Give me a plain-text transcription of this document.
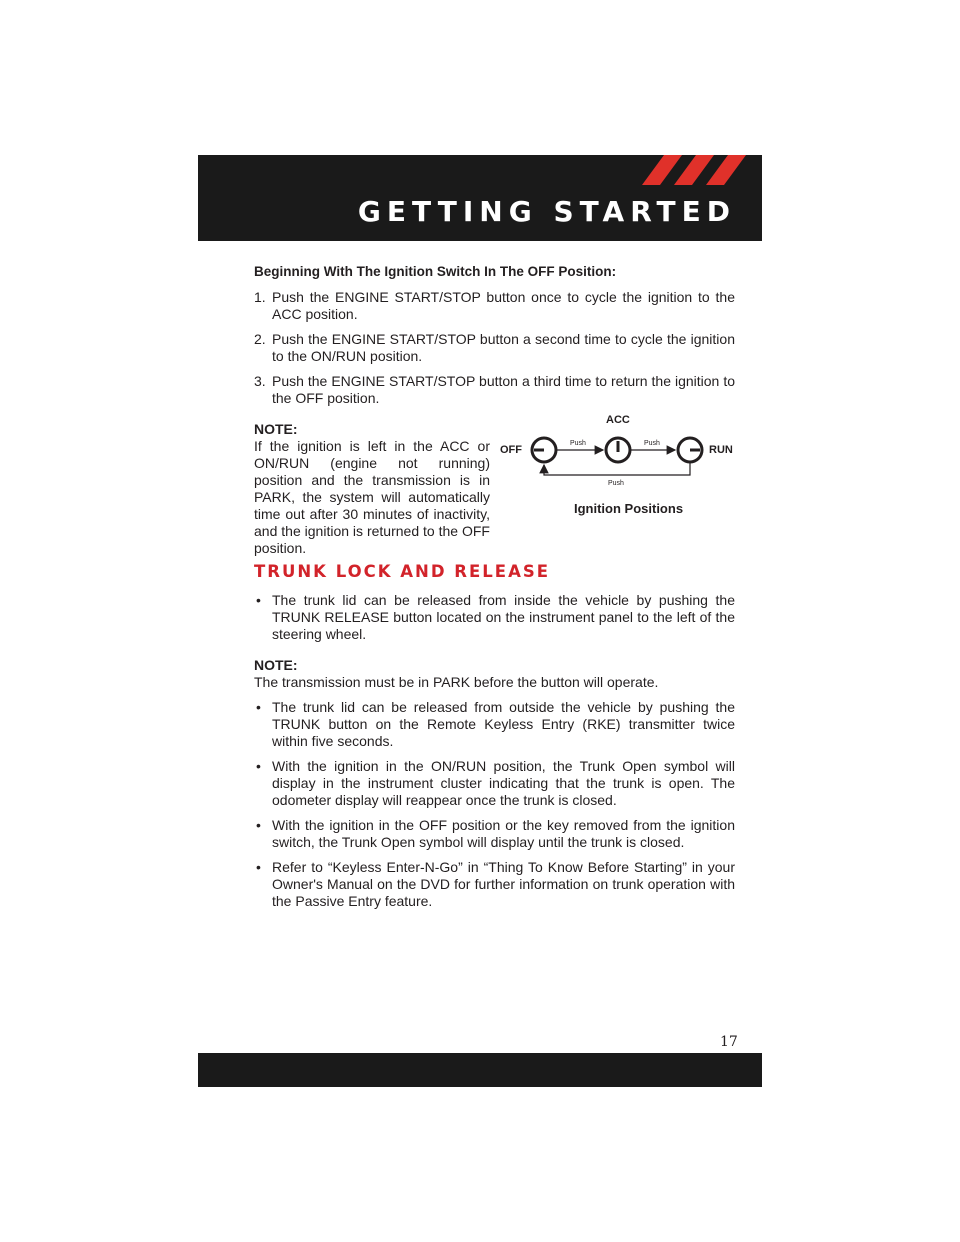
GETTING STARTED

Beginning With The Ignition Switch In The OFF Position:

1. Push the ENGINE START/STOP button once to cycle the ignition to the ACC position.
2. Push the ENGINE START/STOP button a second time to cycle the ignition to the ON/RUN position.
3. Push the ENGINE START/STOP button a third time to return the ignition to the OFF position.
NOTE:
If the ignition is left in the ACC or ON/RUN (engine not running) position and the transmission is in PARK, the system will automatically time out after 30 minutes of inactivity, and the ignition is returned to the OFF position.
OFF
ACC
RUN
Push	Push
Push
Ignition Positions
TRUNK LOCK AND RELEASE
• The trunk lid can be released from inside the vehicle by pushing the TRUNK RELEASE button located on the instrument panel to the left of the steering wheel.
NOTE:

The transmission must be in PARK before the button will operate.

• The trunk lid can be released from outside the vehicle by pushing the TRUNK button on the Remote Keyless Entry (RKE) transmitter twice within five seconds.
• With the ignition in the ON/RUN position, the Trunk Open symbol will display in the instrument cluster indicating that the trunk is open. The odometer display will reappear once the trunk is closed.
• With the ignition in the OFF position or the key removed from the ignition switch, the Trunk Open symbol will display until the trunk is closed.
• Refer to “Keyless Enter-N-Go” in “Thing To Know Before Starting” in your Owner's Manual on the DVD for further information on trunk operation with the Passive Entry feature.
17
